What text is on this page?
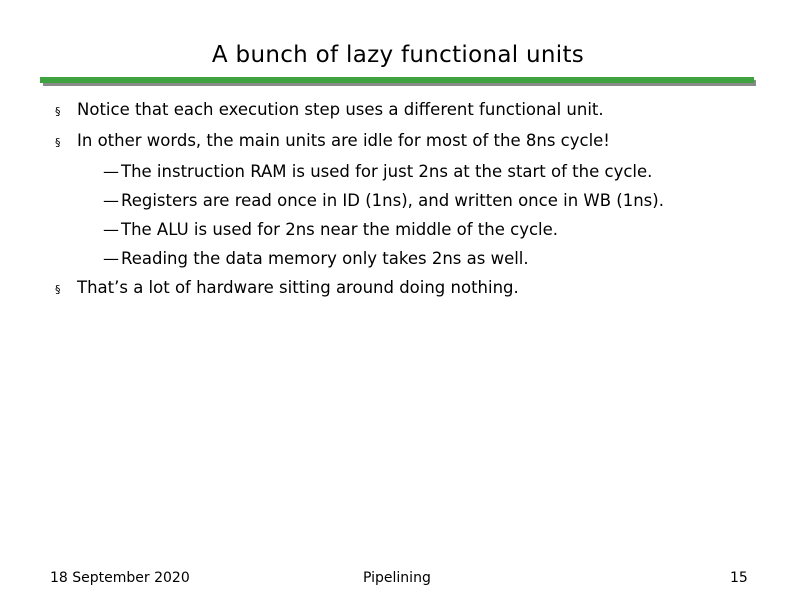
A bunch of lazy functional units
§	Notice that each execution step uses a different functional unit.
§	In other words, the main units are idle for most of the 8ns cycle!
— The instruction RAM is used for just 2ns at the start of the cycle.
— Registers are read once in ID (1ns), and written once in WB (1ns).
— The ALU is used for 2ns near the middle of the cycle.
— Reading the data memory only takes 2ns as well.
§	That’s a lot of hardware sitting around doing nothing.
18 September 2020	Pipelining	15
